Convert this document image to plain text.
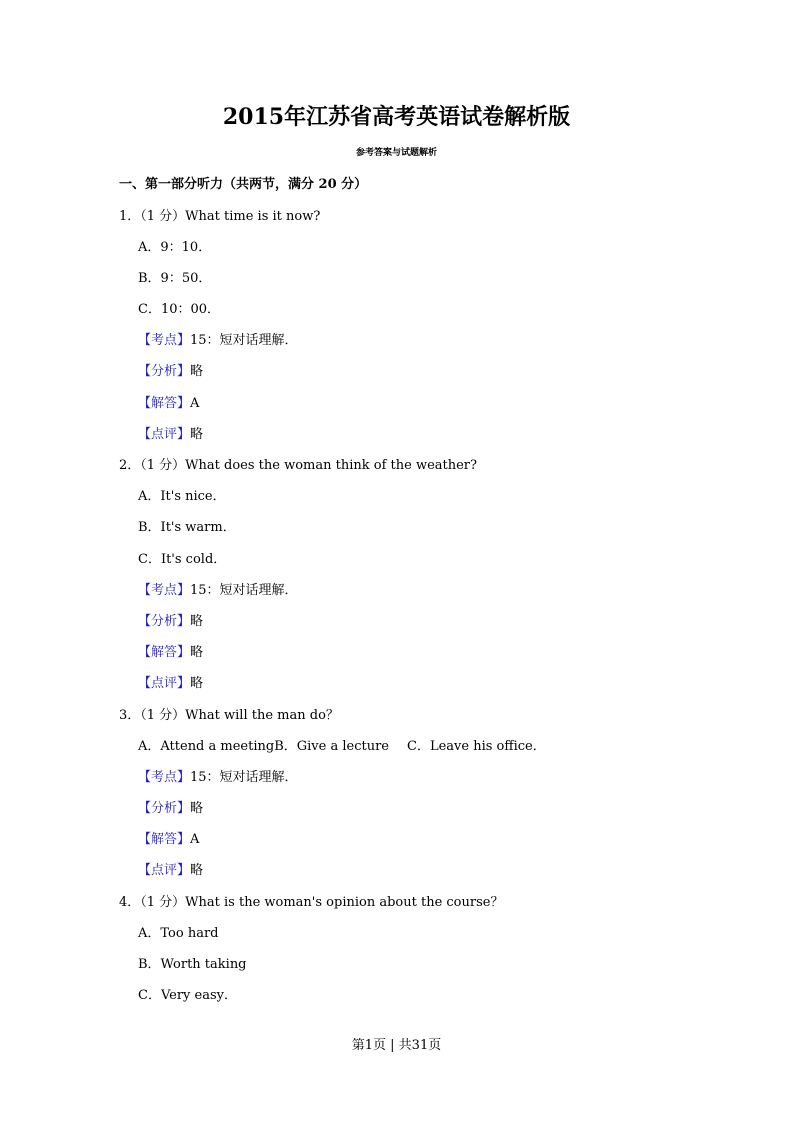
2015年江苏省高考英语试卷解析版
参考答案与试题解析
一、第一部分听力（共两节，满分 20 分）
1．（1 分）What time is it now?
A．9：10．
B．9：50．
C．10：00．
【考点】15：短对话理解．
【分析】略
【解答】A
【点评】略
2．（1 分）What does the woman think of the weather?
A．It's nice．
B．It's warm．
C．It's cold．
【考点】15：短对话理解．
【分析】略
【解答】略
【点评】略
3．（1 分）What will the man do？
A．Attend a meetingB．Give a lecture C．Leave his office．
【考点】15：短对话理解．
【分析】略
【解答】A
【点评】略
4．（1 分）What is the woman's opinion about the course？
A．Too hard
B．Worth taking
C．Very easy．
第1页 | 共31页
